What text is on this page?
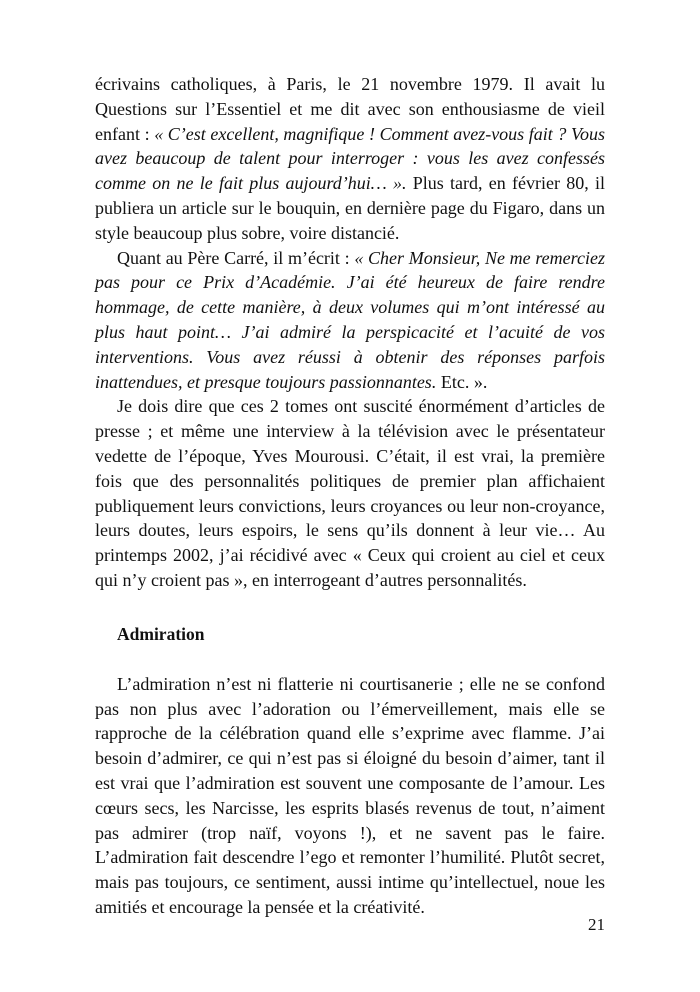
écrivains catholiques, à Paris, le 21 novembre 1979. Il avait lu Questions sur l’Essentiel et me dit avec son enthousiasme de vieil enfant : « C’est excellent, magnifique ! Comment avez-vous fait ? Vous avez beaucoup de talent pour interroger : vous les avez confessés comme on ne le fait plus aujourd’hui… ». Plus tard, en février 80, il publiera un article sur le bouquin, en dernière page du Figaro, dans un style beaucoup plus sobre, voire distancié.

Quant au Père Carré, il m’écrit : « Cher Monsieur, Ne me remerciez pas pour ce Prix d’Académie. J’ai été heureux de faire rendre hommage, de cette manière, à deux volumes qui m’ont intéressé au plus haut point… J’ai admiré la perspicacité et l’acuité de vos interventions. Vous avez réussi à obtenir des réponses parfois inattendues, et presque toujours passionnantes. Etc. ».

Je dois dire que ces 2 tomes ont suscité énormément d’articles de presse ; et même une interview à la télévision avec le présentateur vedette de l’époque, Yves Mourousi. C’était, il est vrai, la première fois que des personnalités politiques de premier plan affichaient publiquement leurs convictions, leurs croyances ou leur non-croyance, leurs doutes, leurs espoirs, le sens qu’ils donnent à leur vie… Au printemps 2002, j’ai récidivé avec « Ceux qui croient au ciel et ceux qui n’y croient pas », en interrogeant d’autres personnalités.

Admiration

L’admiration n’est ni flatterie ni courtisanerie ; elle ne se confond pas non plus avec l’adoration ou l’émerveillement, mais elle se rapproche de la célébration quand elle s’exprime avec flamme. J’ai besoin d’admirer, ce qui n’est pas si éloigné du besoin d’aimer, tant il est vrai que l’admiration est souvent une composante de l’amour. Les cœurs secs, les Narcisse, les esprits blasés revenus de tout, n’aiment pas admirer (trop naïf, voyons !), et ne savent pas le faire. L’admiration fait descendre l’ego et remonter l’humilité. Plutôt secret, mais pas toujours, ce sentiment, aussi intime qu’intellectuel, noue les amitiés et encourage la pensée et la créativité.

21
